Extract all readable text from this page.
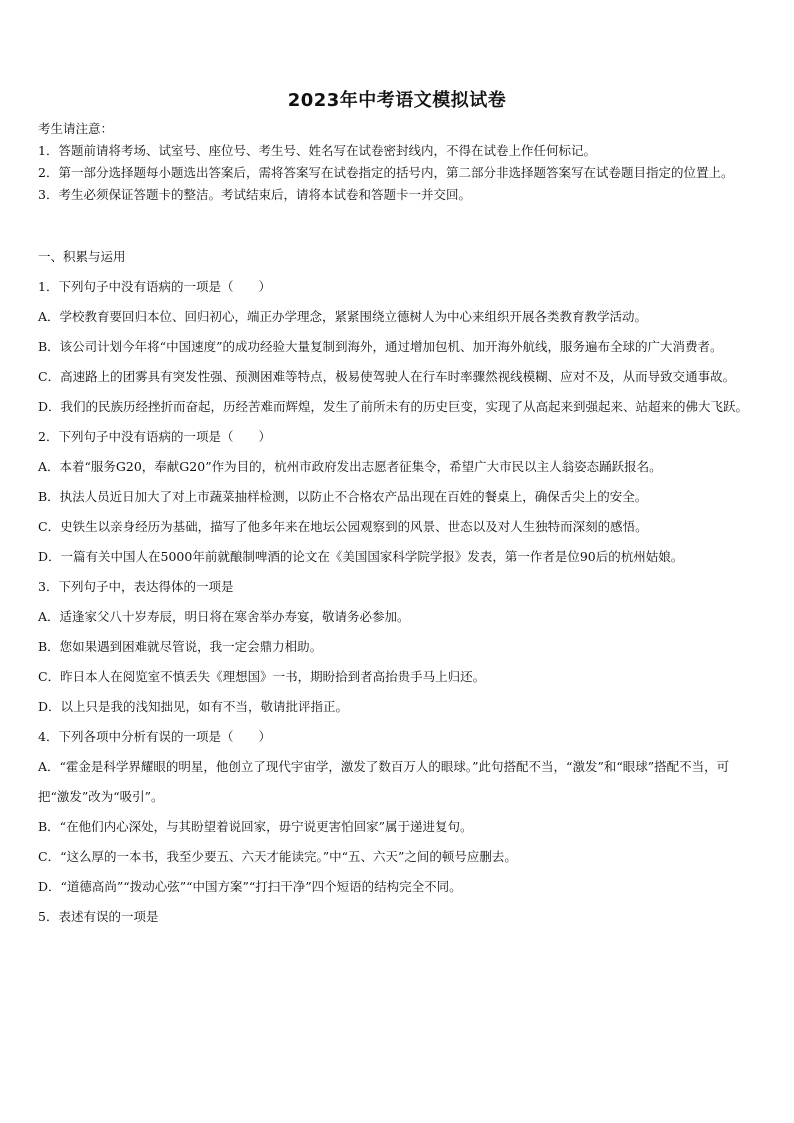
2023年中考语文模拟试卷

考生请注意：

1．答题前请将考场、试室号、座位号、考生号、姓名写在试卷密封线内，不得在试卷上作任何标记。

2．第一部分选择题每小题选出答案后，需将答案写在试卷指定的括号内，第二部分非选择题答案写在试卷题目指定的位置上。

3．考生必须保证答题卡的整洁。考试结束后，请将本试卷和答题卡一并交回。

一、积累与运用

1．下列句子中没有语病的一项是（　　）

A．学校教育要回归本位、回归初心，端正办学理念，紧紧围绕立德树人为中心来组织开展各类教育教学活动。

B．该公司计划今年将“中国速度”的成功经验大量复制到海外，通过增加包机、加开海外航线，服务遍布全球的广大消费者。

C．高速路上的团雾具有突发性强、预测困难等特点，极易使驾驶人在行车时率骤然视线模糊、应对不及，从而导致交通事故。

D．我们的民族历经挫折而奋起，历经苦难而辉煌，发生了前所未有的历史巨变，实现了从高起来到强起来、站超来的佛大飞跃。

2．下列句子中没有语病的一项是（　　）

A．本着“服务G20，奉献G20”作为目的，杭州市政府发出志愿者征集令，希望广大市民以主人翁姿态踊跃报名。

B．执法人员近日加大了对上市蔬菜抽样检测，以防止不合格农产品出现在百姓的餐桌上，确保舌尖上的安全。

C．史铁生以亲身经历为基础，描写了他多年来在地坛公园观察到的风景、世态以及对人生独特而深刻的感悟。

D．一篇有关中国人在5000年前就酿制啤酒的论文在《美国国家科学院学报》发表，第一作者是位90后的杭州姑娘。

3．下列句子中，表达得体的一项是

A．适逢家父八十岁寿辰，明日将在寒舍举办寿宴，敬请务必参加。

B．您如果遇到困难就尽管说，我一定会鼎力相助。

C．昨日本人在阅览室不慎丢失《理想国》一书，期盼拾到者高抬贵手马上归还。

D．以上只是我的浅知拙见，如有不当，敬请批评指正。

4．下列各项中分析有误的一项是（　　）

A．“霍金是科学界耀眼的明星，他创立了现代宇宙学，激发了数百万人的眼球。”此句搭配不当，“激发”和“眼球”搭配不当，可把“激发”改为“吸引”。

B．“在他们内心深处，与其盼望着说回家，毋宁说更害怕回家”属于递进复句。

C．“这么厚的一本书，我至少要五、六天才能读完。”中“五、六天”之间的顿号应删去。

D．“道德高尚”“拨动心弦”“中国方案”“打扫干净”四个短语的结构完全不同。

5．表述有误的一项是
